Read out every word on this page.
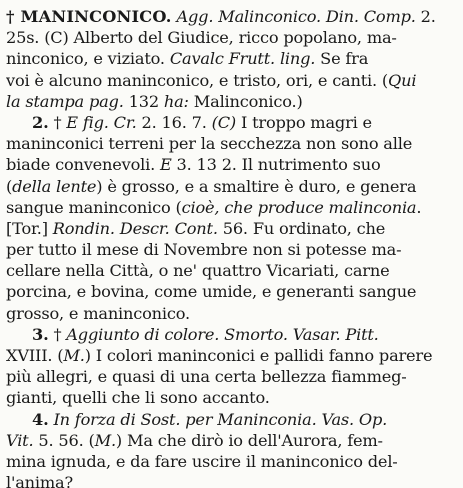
† MANINCONICO. Agg. Malinconico. Din. Comp. 2.
25s. (C) Alberto del Giudice, ricco popolano, ma-
ninconico, e viziato. Cavalc Frutt. ling. Se fra
voi è alcuno maninconico, e tristo, ori, e canti. (Qui
la stampa pag. 132 ha: Malinconico.)
2. † E fig. Cr. 2. 16. 7. (C) I troppo magri e
maninconici terreni per la secchezza non sono alle
biade convenevoli. E 3. 13 2. Il nutrimento suo
(della lente) è grosso, e a smaltire è duro, e genera
sangue maninconico (cioè, che produce malinconia.
[Tor.] Rondin. Descr. Cont. 56. Fu ordinato, che
per tutto il mese di Novembre non si potesse ma-
cellare nella Città, o ne' quattro Vicariati, carne
porcina, e bovina, come umide, e generanti sangue
grosso, e maninconico.
3. † Aggiunto di colore. Smorto. Vasar. Pitt.
XVIII. (M.) I colori maninconici e pallidi fanno parere
più allegri, e quasi di una certa bellezza fiammeg-
gianti, quelli che li sono accanto.
4. In forza di Sost. per Maninconia. Vas. Op.
Vit. 5. 56. (M.) Ma che dirò io dell'Aurora, fem-
mina ignuda, e da fare uscire il maninconico del-
l'anima?
